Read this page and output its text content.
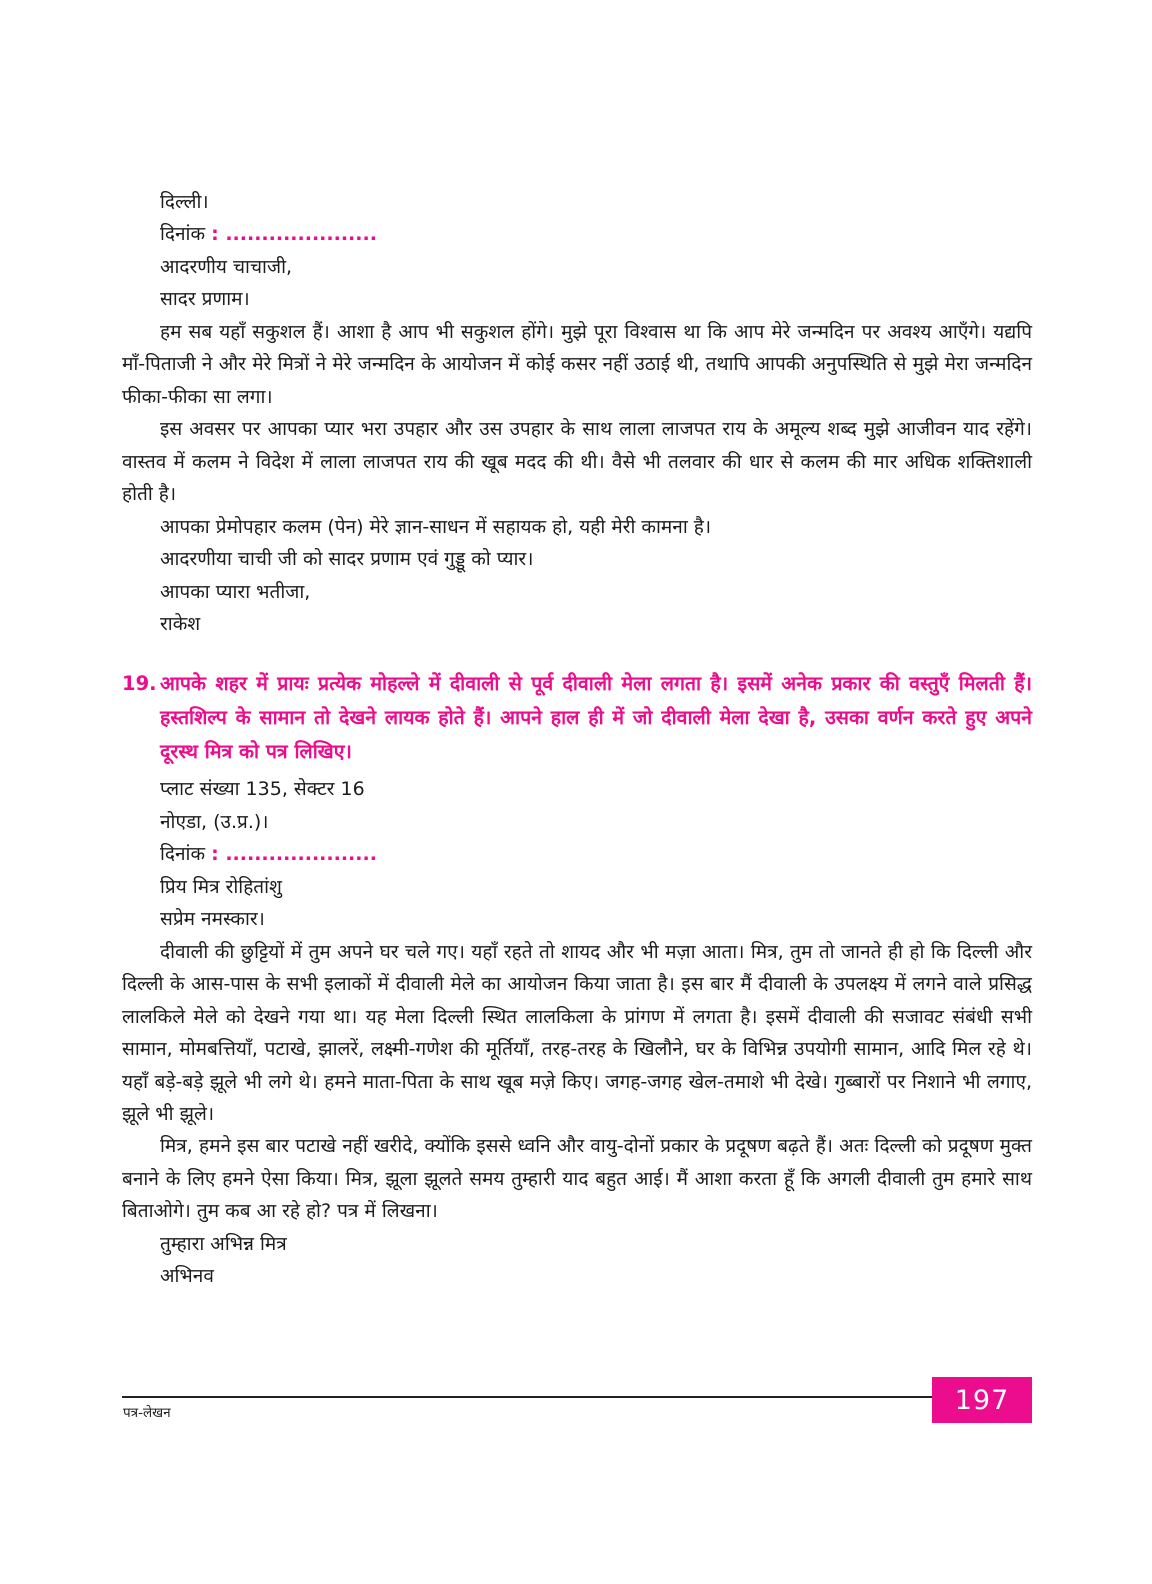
दिल्ली।
दिनांक : .....................
आदरणीय चाचाजी,
सादर प्रणाम।

हम सब यहाँ सकुशल हैं। आशा है आप भी सकुशल होंगे। मुझे पूरा विश्वास था कि आप मेरे जन्मदिन पर अवश्य आएँगे। यद्यपि माँ-पिताजी ने और मेरे मित्रों ने मेरे जन्मदिन के आयोजन में कोई कसर नहीं उठाई थी, तथापि आपकी अनुपस्थिति से मुझे मेरा जन्मदिन फीका-फीका सा लगा।

इस अवसर पर आपका प्यार भरा उपहार और उस उपहार के साथ लाला लाजपत राय के अमूल्य शब्द मुझे आजीवन याद रहेंगे। वास्तव में कलम ने विदेश में लाला लाजपत राय की खूब मदद की थी। वैसे भी तलवार की धार से कलम की मार अधिक शक्तिशाली होती है।

आपका प्रेमोपहार कलम (पेन) मेरे ज्ञान-साधन में सहायक हो, यही मेरी कामना है।
आदरणीया चाची जी को सादर प्रणाम एवं गुड्डू को प्यार।
आपका प्यारा भतीजा,
राकेश
19. आपके शहर में प्रायः प्रत्येक मोहल्ले में दीवाली से पूर्व दीवाली मेला लगता है। इसमें अनेक प्रकार की वस्तुएँ मिलती हैं। हस्तशिल्प के सामान तो देखने लायक होते हैं। आपने हाल ही में जो दीवाली मेला देखा है, उसका वर्णन करते हुए अपने दूरस्थ मित्र को पत्र लिखिए।
प्लाट संख्या 135, सेक्टर 16
नोएडा, (उ.प्र.)।
दिनांक : .....................
प्रिय मित्र रोहितांशु
सप्रेम नमस्कार।

दीवाली की छुट्टियों में तुम अपने घर चले गए। यहाँ रहते तो शायद और भी मज़ा आता। मित्र, तुम तो जानते ही हो कि दिल्ली और दिल्ली के आस-पास के सभी इलाकों में दीवाली मेले का आयोजन किया जाता है। इस बार मैं दीवाली के उपलक्ष्य में लगने वाले प्रसिद्ध लालकिले मेले को देखने गया था। यह मेला दिल्ली स्थित लालकिला के प्रांगण में लगता है। इसमें दीवाली की सजावट संबंधी सभी सामान, मोमबत्तियाँ, पटाखे, झालरें, लक्ष्मी-गणेश की मूर्तियाँ, तरह-तरह के खिलौने, घर के विभिन्न उपयोगी सामान, आदि मिल रहे थे। यहाँ बड़े-बड़े झूले भी लगे थे। हमने माता-पिता के साथ खूब मज़े किए। जगह-जगह खेल-तमाशे भी देखे। गुब्बारों पर निशाने भी लगाए, झूले भी झूले।

मित्र, हमने इस बार पटाखे नहीं खरीदे, क्योंकि इससे ध्वनि और वायु-दोनों प्रकार के प्रदूषण बढ़ते हैं। अतः दिल्ली को प्रदूषण मुक्त बनाने के लिए हमने ऐसा किया। मित्र, झूला झूलते समय तुम्हारी याद बहुत आई। मैं आशा करता हूँ कि अगली दीवाली तुम हमारे साथ बिताओगे। तुम कब आ रहे हो? पत्र में लिखना।

तुम्हारा अभिन्न मित्र
अभिनव
पत्र-लेखन	197
